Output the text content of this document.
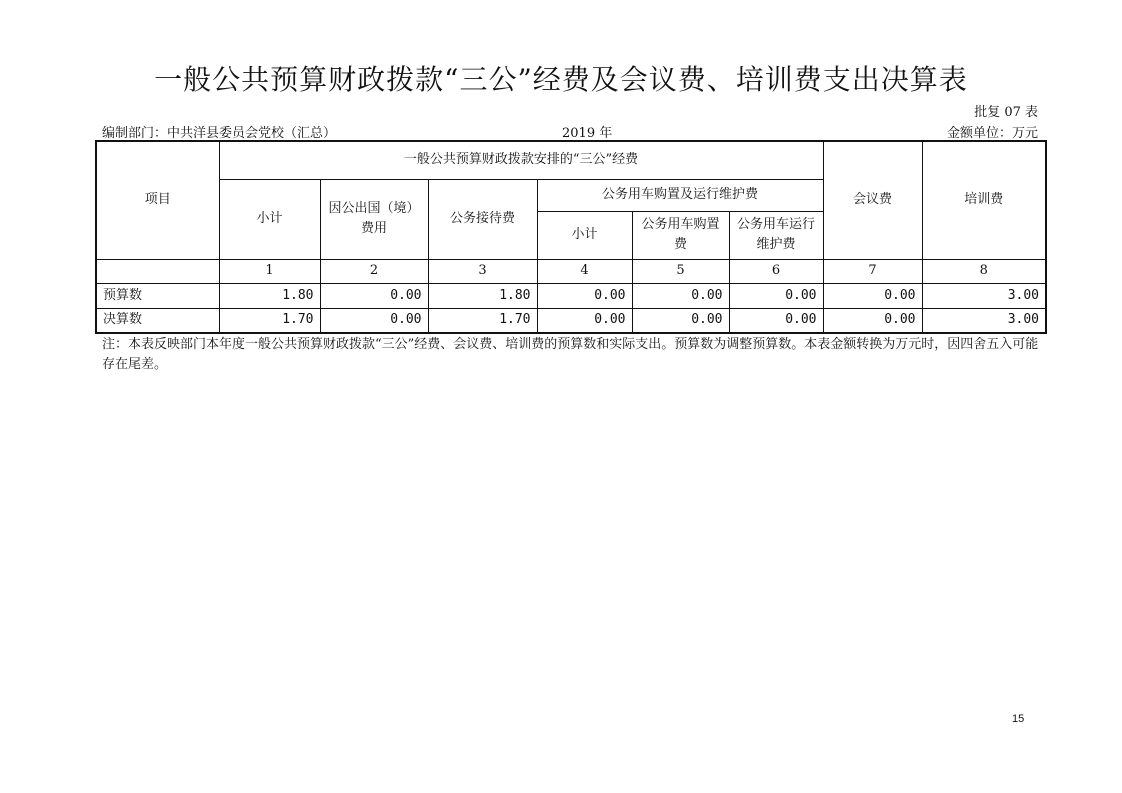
一般公共预算财政拨款“三公”经费及会议费、培训费支出决算表
批复 07 表
编制部门：中共洋县委员会党校（汇总）	2019 年	金额单位：万元
项目	一般公共预算财政拨款安排的“三公”经费						会议费	培训费
	小计	因公出国（境）费用	公务接待费	公务用车购置及运行维护费				
				小计	公务用车购置费	公务用车运行维护费		
	1	2	3	4	5	6	7	8
预算数	1.80	0.00	1.80	0.00	0.00	0.00	0.00	3.00
决算数	1.70	0.00	1.70	0.00	0.00	0.00	0.00	3.00
注：本表反映部门本年度一般公共预算财政拨款“三公”经费、会议费、培训费的预算数和实际支出。预算数为调整预算数。本表金额转换为万元时，因四舍五入可能存在尾差。
15
